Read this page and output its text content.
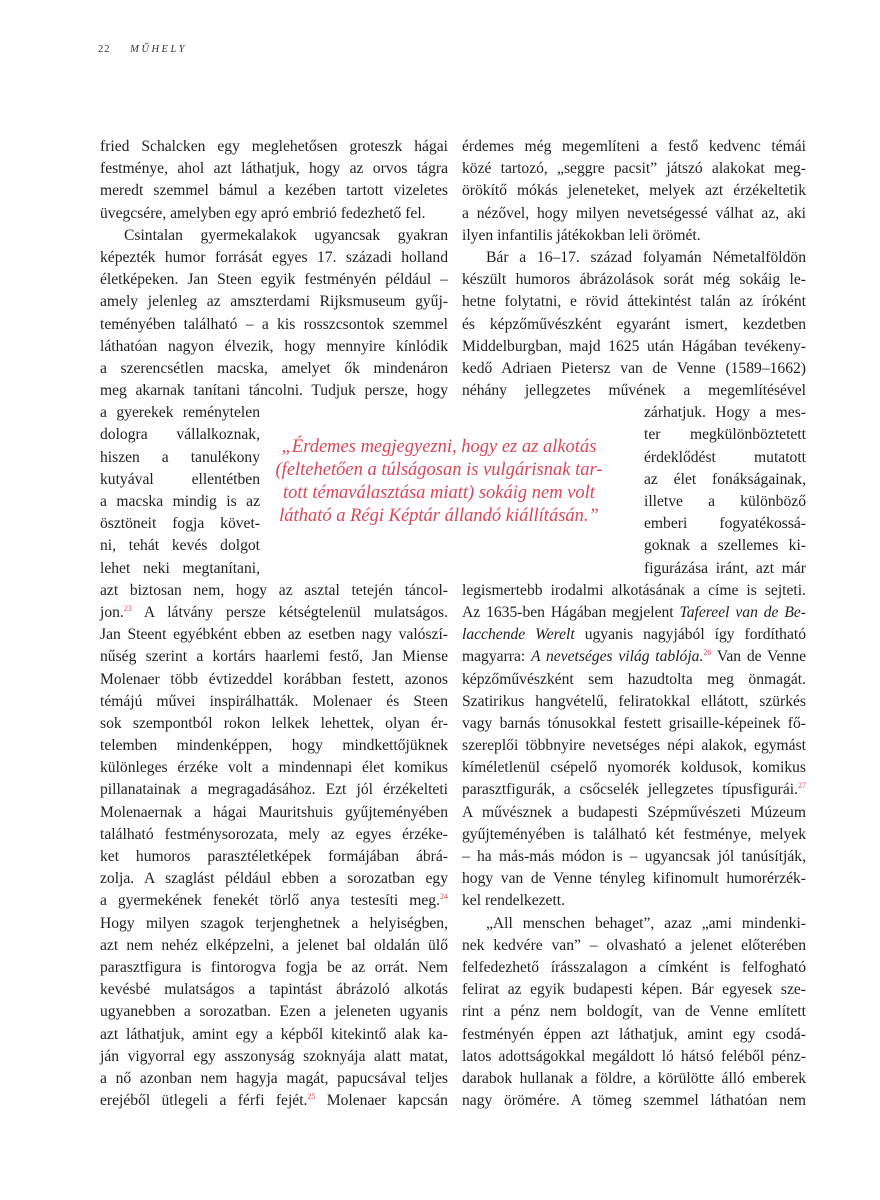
22 MŰHELY
fried Schalcken egy meglehetősen groteszk hágai
festménye, ahol azt láthatjuk, hogy az orvos tágra
meredt szemmel bámul a kezében tartott vizeletes
üvegcsére, amelyben egy apró embrió fedezhető fel.
Csintalan gyermekalakok ugyancsak gyakran
képezték humor forrását egyes 17. századi holland
életképeken. Jan Steen egyik festményén például –
amely jelenleg az amszterdami Rijksmuseum gyűj-
teményében található – a kis rosszcsontok szemmel
láthatóan nagyon élvezik, hogy mennyire kínlódik
a szerencsétlen macska, amelyet ők mindenáron
meg akarnak tanítani táncolni. Tudjuk persze, hogy
a gyerekek reménytelen
dologra vállalkoznak,
hiszen a tanulékony
kutyával ellentétben
a macska mindig is az
ösztöneit fogja követ-
ni, tehát kevés dolgot
lehet neki megtanítani,
azt biztosan nem, hogy az asztal tetején táncol-
jon.$^{23}$ A látvány persze kétségtelenül mulatságos.
Jan Steent egyébként ebben az esetben nagy valószí-
nűség szerint a kortárs haarlemi festő, Jan Miense
Molenaer több évtizeddel korábban festett, azonos
témájú művei inspirálhatták. Molenaer és Steen
sok szempontból rokon lelkek lehettek, olyan ér-
telemben mindenképpen, hogy mindkettőjüknek
különleges érzéke volt a mindennapi élet komikus
pillanatainak a megragadásához. Ezt jól érzékelteti
Molenaernak a hágai Mauritshuis gyűjteményében
található festménysorozata, mely az egyes érzéke-
ket humoros parasztéletképek formájában ábrá-
zolja. A szaglást például ebben a sorozatban egy
a gyermekének fenekét törlő anya testesíti meg.$^{24}$
Hogy milyen szagok terjenghetnek a helyiségben,
azt nem nehéz elképzelni, a jelenet bal oldalán ülő
parasztfigura is fintorogva fogja be az orrát. Nem
kevésbé mulatságos a tapintást ábrázoló alkotás
ugyanebben a sorozatban. Ezen a jeleneten ugyanis
azt láthatjuk, amint egy a képből kitekintő alak ka-
ján vigyorral egy asszonyság szoknyája alatt matat,
a nő azonban nem hagyja magát, papucsával teljes
erejéből ütlegeli a férfi fejét.$^{25}$ Molenaer kapcsán
„Érdemes megjegyezni, hogy ez az alkotás
(feltehetően a túlságosan is vulgárisnak tar-
tott témaválasztása miatt) sokáig nem volt
látható a Régi Képtár állandó kiállításán.”
érdemes még megemlíteni a festő kedvenc témái
közé tartozó, „seggre pacsit” játszó alakokat meg-
örökítő mókás jeleneteket, melyek azt érzékeltetik
a nézővel, hogy milyen nevetségessé válhat az, aki
ilyen infantilis játékokban leli örömét.
Bár a 16–17. század folyamán Németalföldön
készült humoros ábrázolások sorát még sokáig le-
hetne folytatni, e rövid áttekintést talán az íróként
és képzőművészként egyaránt ismert, kezdetben
Middelburgban, majd 1625 után Hágában tevékeny-
kedő Adriaen Pietersz van de Venne (1589–1662)
néhány jellegzetes művének a megemlítésével
zárhatjuk. Hogy a mes-
ter megkülönböztetett
érdeklődést mutatott
az élet fonákságainak,
illetve a különböző
emberi fogyatékossá-
goknak a szellemes ki-
figurázása iránt, azt már
legismertebb irodalmi alkotásának a címe is sejteti.
Az 1635-ben Hágában megjelent Tafereel van de Be-
lacchende Werelt ugyanis nagyjából így fordítható
magyarra: A nevetséges világ tablója.$^{26}$ Van de Venne
képzőművészként sem hazudtolta meg önmagát.
Szatirikus hangvételű, feliratokkal ellátott, szürkés
vagy barnás tónusokkal festett grisaille-képeinek fő-
szereplői többnyire nevetséges népi alakok, egymást
kíméletlenül csépelő nyomorék koldusok, komikus
parasztfigurák, a csőcselék jellegzetes típusfigurái.$^{27}$
A művésznek a budapesti Szépművészeti Múzeum
gyűjteményében is található két festménye, melyek
– ha más-más módon is – ugyancsak jól tanúsítják,
hogy van de Venne tényleg kifinomult humorérzék-
kel rendelkezett.
„All menschen behaget”, azaz „ami mindenki-
nek kedvére van” – olvasható a jelenet előterében
felfedezhető írásszalagon a címként is felfogható
felirat az egyik budapesti képen. Bár egyesek sze-
rint a pénz nem boldogít, van de Venne említett
festményén éppen azt láthatjuk, amint egy csodá-
latos adottságokkal megáldott ló hátsó feléből pénz-
darabok hullanak a földre, a körülötte álló emberek
nagy örömére. A tömeg szemmel láthatóan nem
